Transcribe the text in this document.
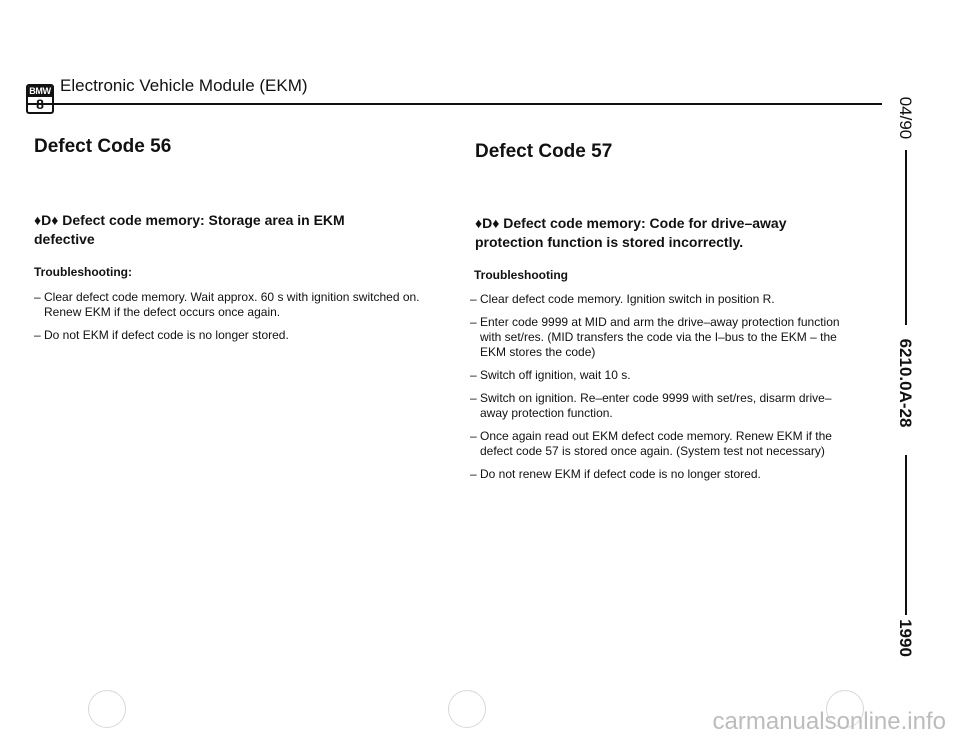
BMW Electronic Vehicle Module (EKM)
Defect Code 56

♦D♦ Defect code memory: Storage area in EKM defective

Troubleshooting:
– Clear defect code memory. Wait approx. 60 s with ignition switched on. Renew EKM if the defect occurs once again.
– Do not EKM if defect code is no longer stored.
Defect Code 57

♦D♦ Defect code memory: Code for drive–away protection function is stored incorrectly.

Troubleshooting
– Clear defect code memory. Ignition switch in position R.
– Enter code 9999 at MID and arm the drive–away protection function with set/res. (MID transfers the code via the I–bus to the EKM – the EKM stores the code)
– Switch off ignition, wait 10 s.
– Switch on ignition. Re–enter code 9999 with set/res, disarm drive–away protection function.
– Once again read out EKM defect code memory. Renew EKM if the defect code 57 is stored once again. (System test not necessary)
– Do not renew EKM if defect code is no longer stored.
04/90
6210.0A-28
1990
carmanualsonline.info
